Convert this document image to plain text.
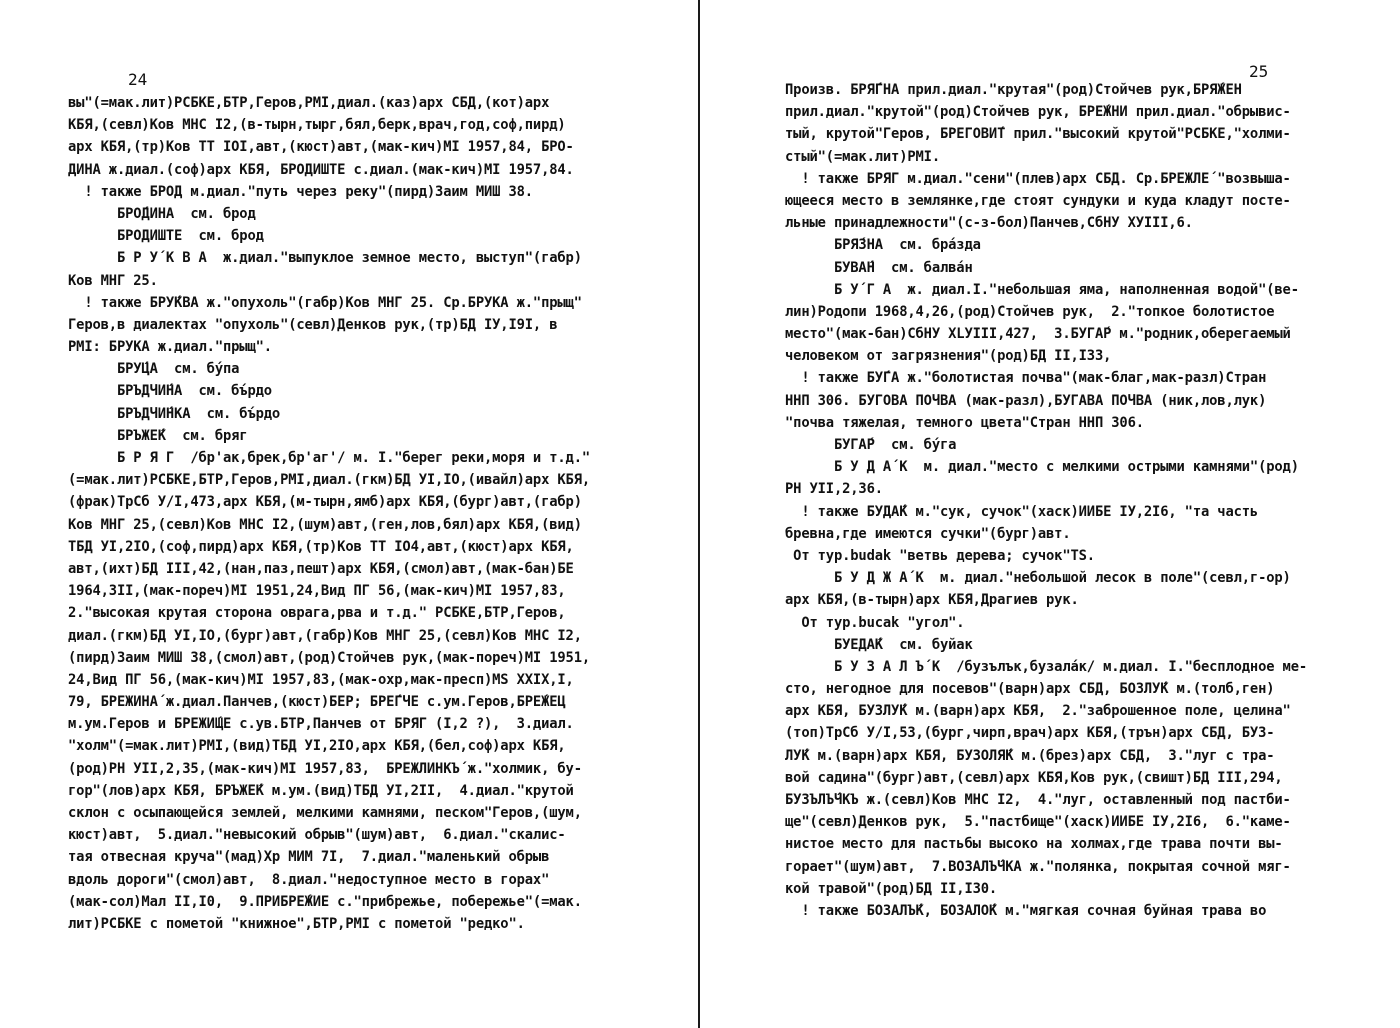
24
вы"(=мак.лит)РСБКЕ,БТР,Геров,РМI,диал.(каз)арх СБД,(кот)арх
КБЯ,(севл)Ков МНС I2,(в-тырн,тырг,бял,берк,врач,год,соф,пирд)
арх КБЯ,(тр)Ков ТТ IOI,авт,(кюст)авт,(мак-кич)МI 1957,84, БРО-
ДИНА ж.диал.(соф)арх КБЯ, БРОДИШТЕ с.диал.(мак-кич)МI 1957,84.
! также БРОД м.диал."путь через реку"(пирд)Заим МИШ 38.
БРО́ДИНА  см. брод
БРОДИШТЕ  см. брод
Б Р У́ К В А  ж.диал."выпуклое земное место, выступ"(габр)
Ков МНГ 25.
! также БРУ́КВА ж."опухоль"(габр)Ков МНГ 25. Ср.БРУКА ж."прыщ"
Геров,в диалектах "опухоль"(севл)Денков рук,(тр)БД IУ,I9I, в
РМI: БРУКА ж.диал."прыщ".
БРУ́ЦА  см. бу́па
БРЪДЧИ́НА  см. бъ́рдо
БРЪДЧИ́НКА  см. бъ́рдо
БРЪЖЕ́К  см. бряг
Б Р Я Г  /бр'ак,брек,бр'аг'/ м. I."берег реки,моря и т.д."
(=мак.лит)РСБКЕ,БТР,Геров,РМI,диал.(гкм)БД УI,IO,(ивайл)арх КБЯ,
(фрак)ТрСб У/I,473,арх КБЯ,(м-тырн,ямб)арх КБЯ,(бург)авт,(габр)
Ков МНГ 25,(севл)Ков МНС I2,(шум)авт,(ген,лов,бял)арх КБЯ,(вид)
ТБД УI,2IO,(соф,пирд)арх КБЯ,(тр)Ков ТТ IO4,авт,(кюст)арх КБЯ,
авт,(ихт)БД III,42,(нан,паз,пешт)арх КБЯ,(смол)авт,(мак-бан)БЕ
1964,3II,(мак-пореч)МI 1951,24,Вид ПГ 56,(мак-кич)МI 1957,83,
2."высокая крутая сторона оврага,рва и т.д." РСБКЕ,БТР,Геров,
диал.(гкм)БД УI,IO,(бург)авт,(габр)Ков МНГ 25,(севл)Ков МНС I2,
(пирд)Заим МИШ 38,(смол)авт,(род)Стойчев рук,(мак-пореч)МI 1951,
24,Вид ПГ 56,(мак-кич)МI 1957,83,(мак-охр,мак-пресп)МS XXIX,I,
79, БРЕЖИНА́ ж.диал.Панчев,(кюст)БЕР; БРЕ́ГЧЕ с.ум.Геров,БРЕ́ЖЕЦ
м.ум.Геров и БРЕЖИ́ЩЕ с.ув.БТР,Панчев от БРЯГ (I,2 ?),  3.диал.
"холм"(=мак.лит)РМI,(вид)ТБД УI,2IO,арх КБЯ,(бел,соф)арх КБЯ,
(род)РН УII,2,35,(мак-кич)МI 1957,83,  БРЕЖЛИНКЪ́ ж."холмик, бу-
гор"(лов)арх КБЯ, БРЪЖЕ́К м.ум.(вид)ТБД УI,2II,  4.диал."крутой
склон с осыпающейся землей, мелкими камнями, песком"Геров,(шум,
кюст)авт,  5.диал."невысокий обрыв"(шум)авт,  6.диал."скалис-
тая отвесная круча"(мад)Хр МИМ 7I,  7.диал."маленький обрыв
вдоль дороги"(смол)авт,  8.диал."недоступное место в горах"
(мак-сол)Мал II,I0,  9.ПРИБРЕ́ЖИЕ с."прибрежье, побережье"(=мак.
лит)РСБКЕ с пометой "книжное",БТР,РМI с пометой "редко".
25
Произв. БРЯ́ГНА прил.диал."крутая"(род)Стойчев рук,БРЯ́ЖЕН
прил.диал."крутой"(род)Стойчев рук, БРЕ́ЖНИ прил.диал."обрывис-
тый, крутой"Геров, БРЕГОВИ́Т прил."высокий крутой"РСБКЕ,"холми-
стый"(=мак.лит)РМI.
! также БРЯГ м.диал."сени"(плев)арх СБД. Ср.БРЕЖЛЕ́ "возвыша-
ющееся место в землянке,где стоят сундуки и куда кладут посте-
льные принадлежности"(с-з-бол)Панчев,СбНУ ХУIII,6.
БРЯ́ЗНА  см. бра́зда
БУВА́Н  см. балва́н
Б У́ Г А  ж. диал.I."небольшая яма, наполненная водой"(ве-
лин)Родопи 1968,4,26,(род)Стойчев рук,  2."топкое болотистое
место"(мак-бан)СбНУ ХLУIII,427,  3.БУГА́Р м."родник,оберегаемый
человеком от загрязнения"(род)БД II,I33,
! также БУ́ГА ж."болотистая почва"(мак-благ,мак-разл)Стран
ННП 306. БУГОВА ПОЧВА (мак-разл),БУГАВА ПОЧВА (ник,лов,лук)
"почва тяжелая, темного цвета"Стран ННП 306.
БУГА́Р  см. бу́га
Б У Д А́ К  м. диал."место с мелкими острыми камнями"(род)
РН УII,2,36.
! также БУДА́К м."сук, сучок"(хаск)ИИБЕ IУ,2I6, "та часть
бревна,где имеются сучки"(бург)авт.
От тур.budak "ветвь дерева; сучок"TS.
Б У Д Ж А́ К  м. диал."небольшой лесок в поле"(севл,г-ор)
арх КБЯ,(в-тырн)арх КБЯ,Драгиев рук.
От тур.bucak "угол".
БУЕДА́К  см. буйак
Б У З А Л Ъ́ К  /бузълък,бузала́к/ м.диал. I."бесплодное ме-
сто, негодное для посевов"(варн)арх СБД, БОЗЛУ́К м.(толб,ген)
арх КБЯ, БУЗЛУ́К м.(варн)арх КБЯ,  2."заброшенное поле, целина"
(топ)ТрСб У/I,53,(бург,чирп,врач)арх КБЯ,(трън)арх СБД, БУЗ-
ЛУ́К м.(варн)арх КБЯ, БУЗОЛЯ́К м.(брез)арх СБД,  3."луг с тра-
вой садина"(бург)авт,(севл)арх КБЯ,Ков рук,(свишт)БД III,294,
БУЗЪЛЪ́ЧКЪ ж.(севл)Ков МНС I2,  4."луг, оставленный под пастби-
ще"(севл)Денков рук,  5."пастбище"(хаск)ИИБЕ IУ,2I6,  6."каме-
нистое место для пастьбы высоко на холмах,где трава почти вы-
горает"(шум)авт,  7.ВОЗАЛЪ́ЧКА ж."полянка, покрытая сочной мяг-
кой травой"(род)БД II,I30.
! также БОЗАЛЪ́К, БОЗАЛО́К м."мягкая сочная буйная трава во
